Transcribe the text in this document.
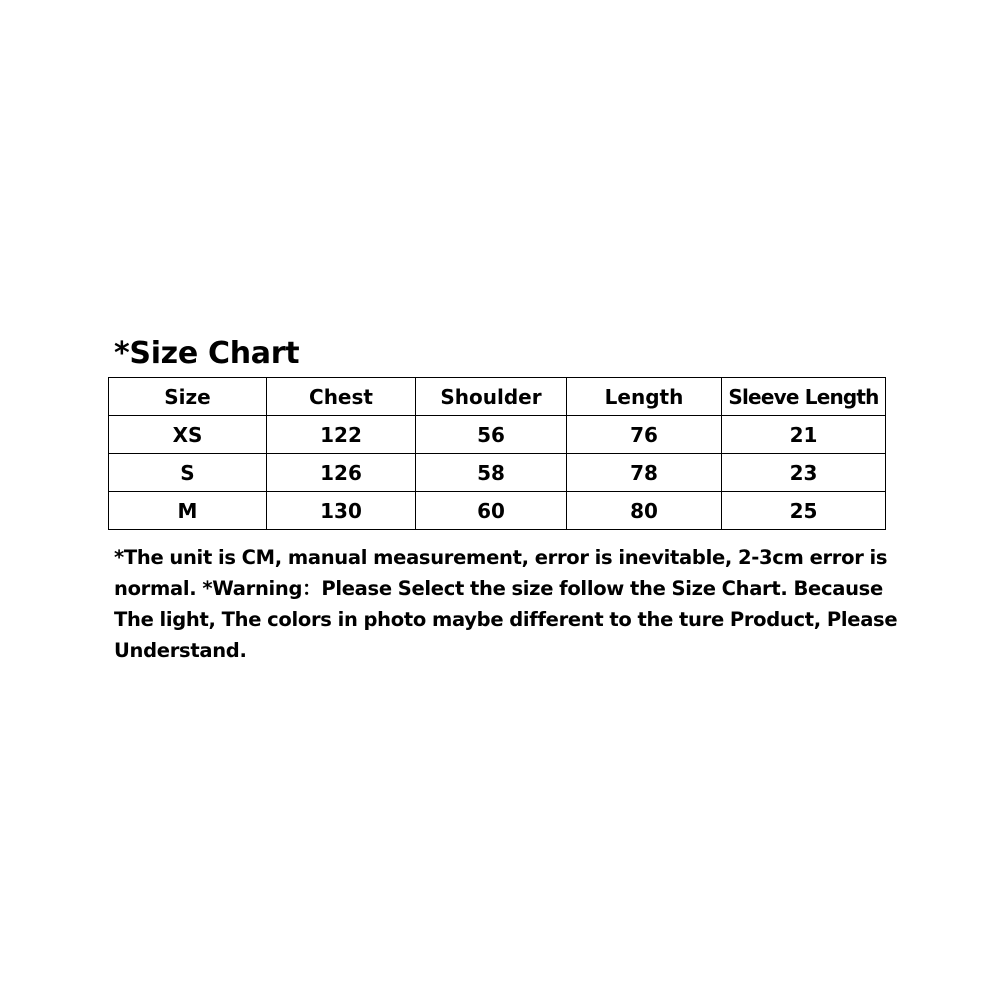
*Size Chart
Size	Chest	Shoulder	Length	Sleeve Length
XS	122	56	76	21
S	126	58	78	23
M	130	60	80	25
*The unit is CM, manual measurement, error is inevitable, 2-3cm error is normal. *Warning：Please Select the size follow the Size Chart. Because The light, The colors in photo maybe different to the ture Product, Please Understand.
